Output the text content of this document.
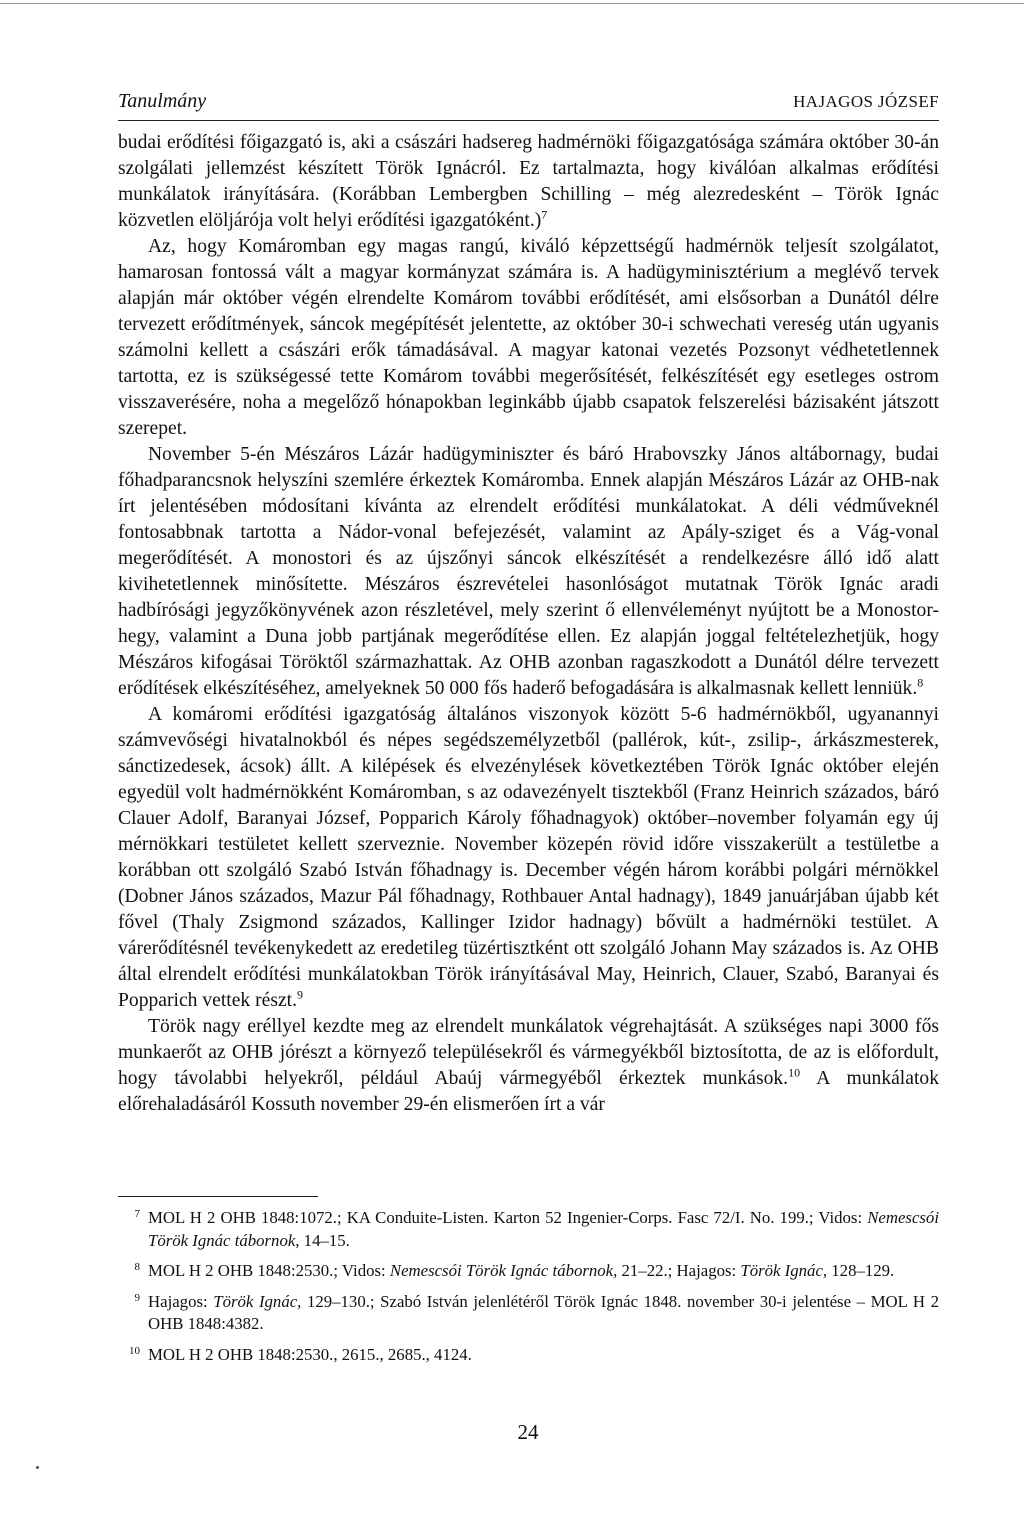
Tanulmány	HAJAGOS JÓZSEF

budai erődítési főigazgató is, aki a császári hadsereg hadmérnöki főigazgatósága számára október 30-án szolgálati jellemzést készített Török Ignácról. Ez tartalmazta, hogy kiválóan alkalmas erődítési munkálatok irányítására. (Korábban Lembergben Schilling – még alezredesként – Török Ignác közvetlen elöljárója volt helyi erődítési igazgatóként.)$^7$

Az, hogy Komáromban egy magas rangú, kiváló képzettségű hadmérnök teljesít szolgálatot, hamarosan fontossá vált a magyar kormányzat számára is. A hadügyminisztérium a meglévő tervek alapján már október végén elrendelte Komárom további erődítését, ami elsősorban a Dunától délre tervezett erődítmények, sáncok megépítését jelentette, az október 30-i schwechati vereség után ugyanis számolni kellett a császári erők támadásával. A magyar katonai vezetés Pozsonyt védhetetlennek tartotta, ez is szükségessé tette Komárom további megerősítését, felkészítését egy esetleges ostrom visszaverésére, noha a megelőző hónapokban leginkább újabb csapatok felszerelési bázisaként játszott szerepet.

November 5-én Mészáros Lázár hadügyminiszter és báró Hrabovszky János altábornagy, budai főhadparancsnok helyszíni szemlére érkeztek Komáromba. Ennek alapján Mészáros Lázár az OHB-nak írt jelentésében módosítani kívánta az elrendelt erődítési munkálatokat. A déli védműveknél fontosabbnak tartotta a Nádor-vonal befejezését, valamint az Apály-sziget és a Vág-vonal megerődítését. A monostori és az újszőnyi sáncok elkészítését a rendelkezésre álló idő alatt kivihetetlennek minősítette. Mészáros észrevételei hasonlóságot mutatnak Török Ignác aradi hadbírósági jegyzőkönyvének azon részletével, mely szerint ő ellenvéleményt nyújtott be a Monostor-hegy, valamint a Duna jobb partjának megerődítése ellen. Ez alapján joggal feltételezhetjük, hogy Mészáros kifogásai Töröktől származhattak. Az OHB azonban ragaszkodott a Dunától délre tervezett erődítések elkészítéséhez, amelyeknek 50 000 fős haderő befogadására is alkalmasnak kellett lenniük.$^8$

A komáromi erődítési igazgatóság általános viszonyok között 5-6 hadmérnökből, ugyanannyi számvevőségi hivatalnokból és népes segédszemélyzetből (pallérok, kút-, zsilip-, árkászmesterek, sánctizedesek, ácsok) állt. A kilépések és elvezénylések következtében Török Ignác október elején egyedül volt hadmérnökként Komáromban, s az odavezényelt tisztekből (Franz Heinrich százados, báró Clauer Adolf, Baranyai József, Popparich Károly főhadnagyok) október–november folyamán egy új mérnökkari testületet kellett szerveznie. November közepén rövid időre visszakerült a testületbe a korábban ott szolgáló Szabó István főhadnagy is. December végén három korábbi polgári mérnökkel (Dobner János százados, Mazur Pál főhadnagy, Rothbauer Antal hadnagy), 1849 januárjában újabb két fővel (Thaly Zsigmond százados, Kallinger Izidor hadnagy) bővült a hadmérnöki testület. A várerődítésnél tevékenykedett az eredetileg tüzértisztként ott szolgáló Johann May százados is. Az OHB által elrendelt erődítési munkálatokban Török irányításával May, Heinrich, Clauer, Szabó, Baranyai és Popparich vettek részt.$^9$

Török nagy eréllyel kezdte meg az elrendelt munkálatok végrehajtását. A szükséges napi 3000 fős munkaerőt az OHB jórészt a környező településekről és vármegyékből biztosította, de az is előfordult, hogy távolabbi helyekről, például Abaúj vármegyéből érkeztek munkások.$^{10}$ A munkálatok előrehaladásáról Kossuth november 29-én elismerően írt a vár

7 MOL H 2 OHB 1848:1072.; KA Conduite-Listen. Karton 52 Ingenier-Corps. Fasc 72/I. No. 199.; Vidos: Nemescsói Török Ignác tábornok, 14–15.
8 MOL H 2 OHB 1848:2530.; Vidos: Nemescsói Török Ignác tábornok, 21–22.; Hajagos: Török Ignác, 128–129.
9 Hajagos: Török Ignác, 129–130.; Szabó István jelenlétéről Török Ignác 1848. november 30-i jelentése – MOL H 2 OHB 1848:4382.
10 MOL H 2 OHB 1848:2530., 2615., 2685., 4124.
24
